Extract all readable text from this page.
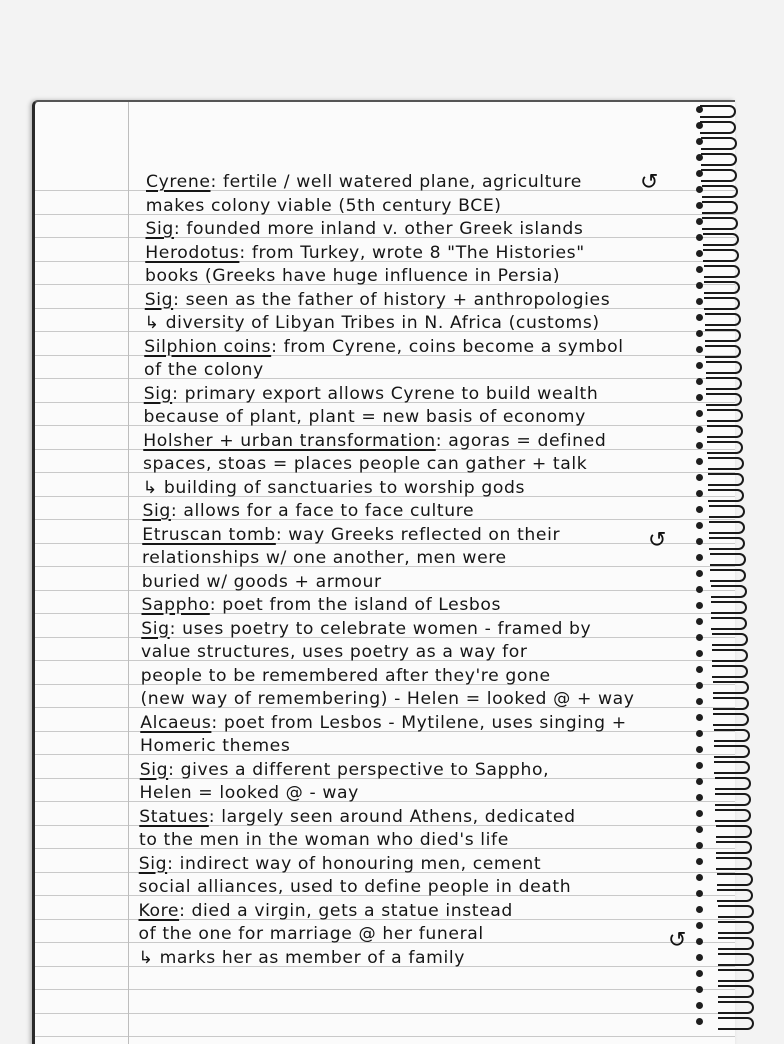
Cyrene: fertile / well watered plane, agriculture
makes colony viable (5th century BCE)
Sig: founded more inland v. other Greek islands
Herodotus: from Turkey, wrote 8 "The Histories"
books (Greeks have huge influence in Persia)
Sig: seen as the father of history + anthropologies
↳ diversity of Libyan Tribes in N. Africa (customs)
Silphion coins: from Cyrene, coins become a symbol
of the colony
Sig: primary export allows Cyrene to build wealth
because of plant, plant = new basis of economy
Holsher + urban transformation: agoras = defined
spaces, stoas = places people can gather + talk
↳ building of sanctuaries to worship gods
Sig: allows for a face to face culture
Etruscan tomb: way Greeks reflected on their
relationships w/ one another, men were
buried w/ goods + armour
Sappho: poet from the island of Lesbos
Sig: uses poetry to celebrate women - framed by
value structures, uses poetry as a way for
people to be remembered after they're gone
(new way of remembering) - Helen = looked @ + way
Alcaeus: poet from Lesbos - Mytilene, uses singing +
Homeric themes
Sig: gives a different perspective to Sappho,
Helen = looked @ - way
Statues: largely seen around Athens, dedicated
to the men in the woman who died's life
Sig: indirect way of honouring men, cement
social alliances, used to define people in death
Kore: died a virgin, gets a statue instead
of the one for marriage @ her funeral
↳ marks her as member of a family
↺
↺
↺
